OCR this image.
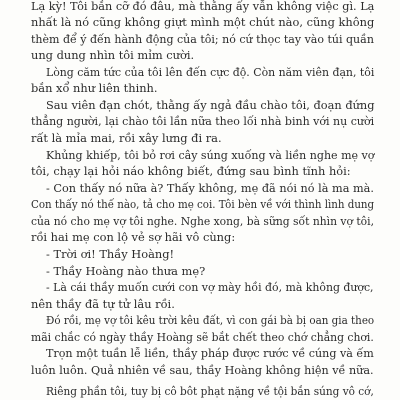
Lạ kỳ! Tôi bắn cỡ đó đâu, mà thằng ấy vẫn không việc gì. Lạ
nhất là nó cũng không giựt mình một chút nào, cũng không
thèm để ý đến hành động của tôi; nó cứ thọc tay vào túi quần
ung dung nhìn tôi mỉm cười.
Lòng căm tức của tôi lên đến cực độ. Còn năm viên đạn, tôi
bắn xổ như liên thinh.
Sau viên đạn chót, thằng ấy ngả đầu chào tôi, đoạn đứng
thẳng người, lại chào tôi lần nữa theo lối nhà binh với nụ cười
rất là mỉa mai, rồi xây lưng đi ra.
Khủng khiếp, tôi bỏ rơi cây súng xuống và liền nghe mẹ vợ
tôi, chạy lại hỏi náo không biết, đứng sau bình tĩnh hỏi:
- Con thấy nó nữa à? Thấy không, mẹ đã nói nó là ma mà.
Con thấy nó thế nào, tả cho mẹ coi. Tôi bèn về với thình lình dung
của nó cho mẹ vợ tôi nghe. Nghe xong, bà sững sốt nhìn vợ tôi,
rồi hai mẹ con lộ vẻ sợ hãi vô cùng:
- Trời ơi! Thầy Hoàng!
- Thầy Hoàng nào thưa mẹ?
- Là cái thầy muốn cưới con vợ mày hồi đó, mà không được,
nên thầy đã tự tử lâu rồi.
Đó rồi, mẹ vợ tôi kêu trời kêu đất, vì con gái bà bị oan gia theo
mãi chắc có ngày thầy Hoàng sẽ bắt chết theo chớ chẳng chơi.
Trọn một tuần lễ liền, thầy pháp được rước về cúng và ếm
luôn luôn. Quả nhiên về sau, thầy Hoàng không hiện về nữa.
Riêng phần tôi, tuy bị cô bôt phạt nặng về tội bắn súng vô cớ,
